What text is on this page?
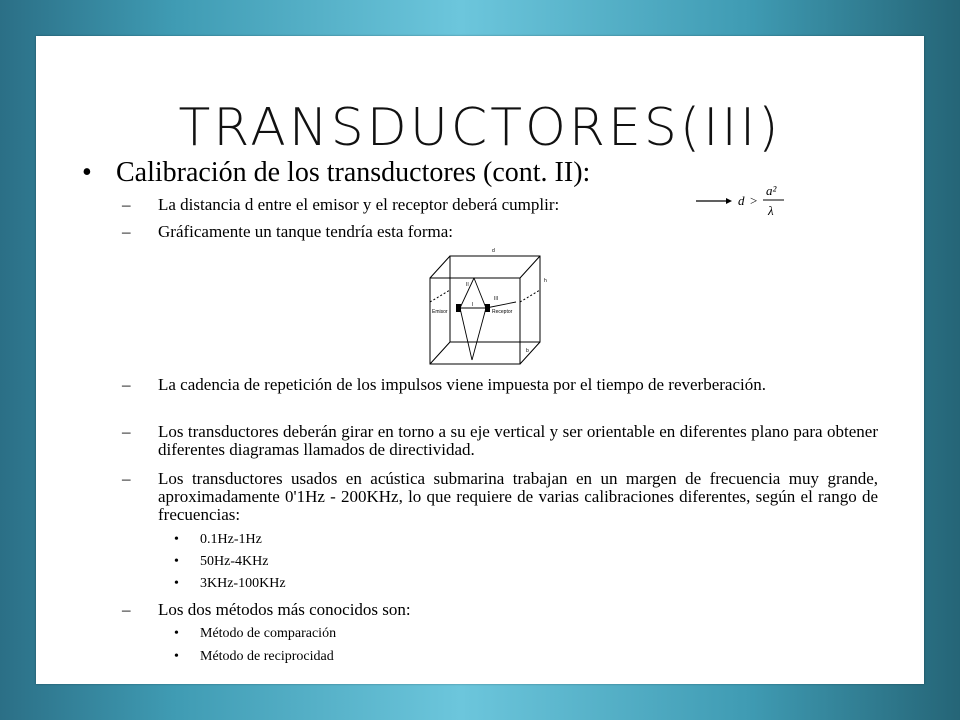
TRANSDUCTORES(III)
• Calibración de los transductores (cont. II):
–	La distancia d entre el emisor y el receptor deberá cumplir:	d >
a²
λ
–	Gráficamente un tanque tendría esta forma:
Emisor	Receptor
d
h
b
I
II
III
–	La cadencia de repetición de los impulsos viene impuesta por el tiempo de reverberación.
–	Los transductores deberán girar en torno a su eje vertical y ser orientable en diferentes plano para obtener diferentes diagramas llamados de directividad.
–	Los transductores usados en acústica submarina trabajan en un margen de frecuencia muy grande, aproximadamente 0'1Hz - 200KHz, lo que requiere de varias calibraciones diferentes, según el rango de frecuencias:
• 0.1Hz-1Hz
• 50Hz-4KHz
• 3KHz-100KHz
–	Los dos métodos más conocidos son:
• Método de comparación
• Método de reciprocidad
